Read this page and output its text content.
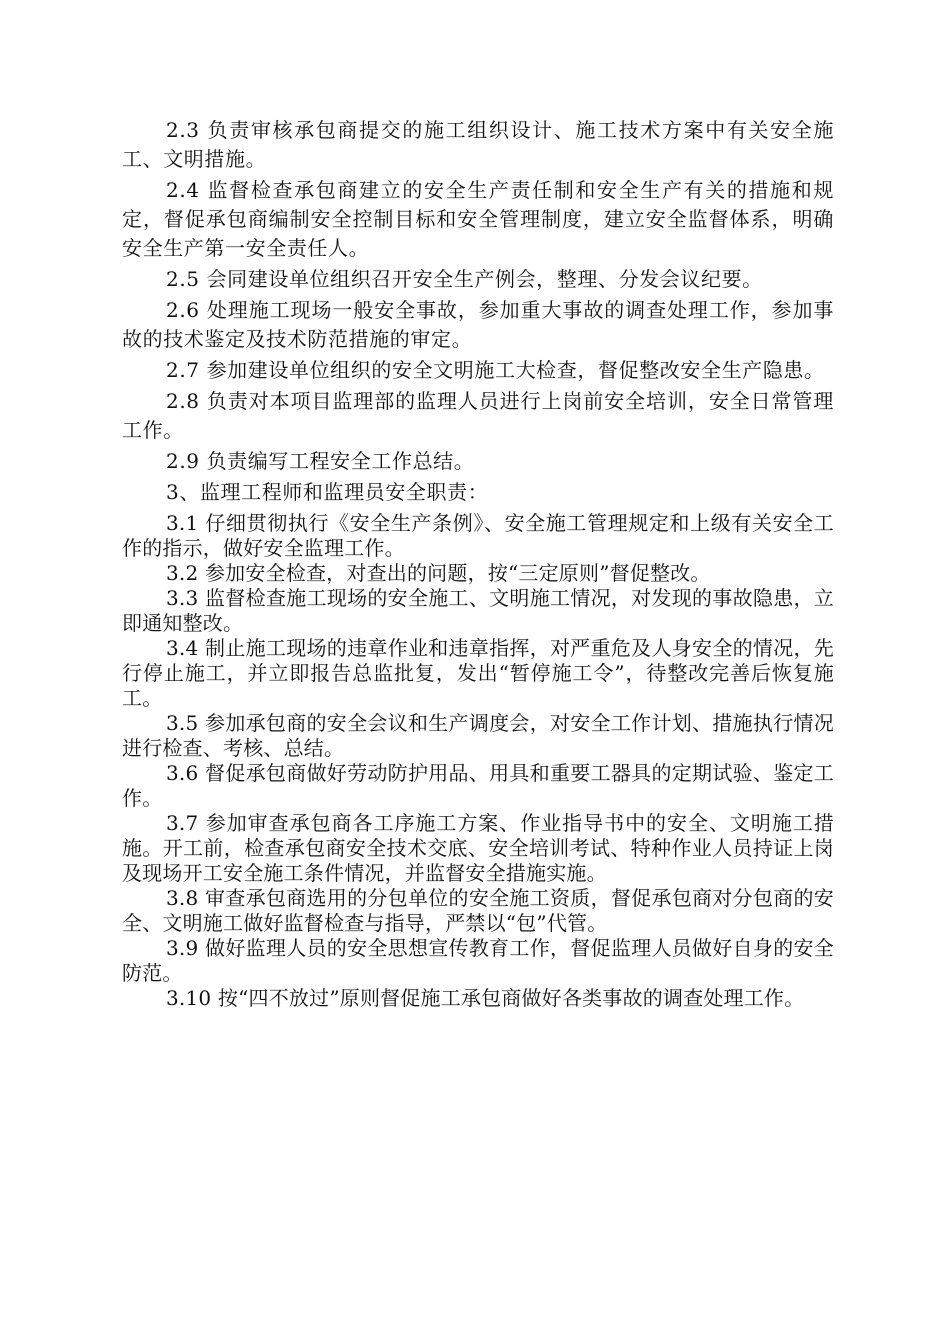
2.3 负责审核承包商提交的施工组织设计、施工技术方案中有关安全施工、文明措施。

2.4 监督检查承包商建立的安全生产责任制和安全生产有关的措施和规定，督促承包商编制安全控制目标和安全管理制度，建立安全监督体系，明确安全生产第一安全责任人。

2.5 会同建设单位组织召开安全生产例会，整理、分发会议纪要。

2.6 处理施工现场一般安全事故，参加重大事故的调查处理工作，参加事故的技术鉴定及技术防范措施的审定。

2.7 参加建设单位组织的安全文明施工大检查，督促整改安全生产隐患。

2.8 负责对本项目监理部的监理人员进行上岗前安全培训，安全日常管理工作。

2.9 负责编写工程安全工作总结。

3、监理工程师和监理员安全职责：

3.1 仔细贯彻执行《安全生产条例》、安全施工管理规定和上级有关安全工作的指示，做好安全监理工作。

3.2 参加安全检查，对查出的问题，按“三定原则”督促整改。

3.3 监督检查施工现场的安全施工、文明施工情况，对发现的事故隐患，立即通知整改。

3.4 制止施工现场的违章作业和违章指挥，对严重危及人身安全的情况，先行停止施工，并立即报告总监批复，发出“暂停施工令”，待整改完善后恢复施工。

3.5 参加承包商的安全会议和生产调度会，对安全工作计划、措施执行情况进行检查、考核、总结。

3.6 督促承包商做好劳动防护用品、用具和重要工器具的定期试验、鉴定工作。

3.7 参加审查承包商各工序施工方案、作业指导书中的安全、文明施工措施。开工前，检查承包商安全技术交底、安全培训考试、特种作业人员持证上岗及现场开工安全施工条件情况，并监督安全措施实施。

3.8 审查承包商选用的分包单位的安全施工资质，督促承包商对分包商的安全、文明施工做好监督检查与指导，严禁以“包”代管。

3.9 做好监理人员的安全思想宣传教育工作，督促监理人员做好自身的安全防范。

3.10 按“四不放过”原则督促施工承包商做好各类事故的调查处理工作。
